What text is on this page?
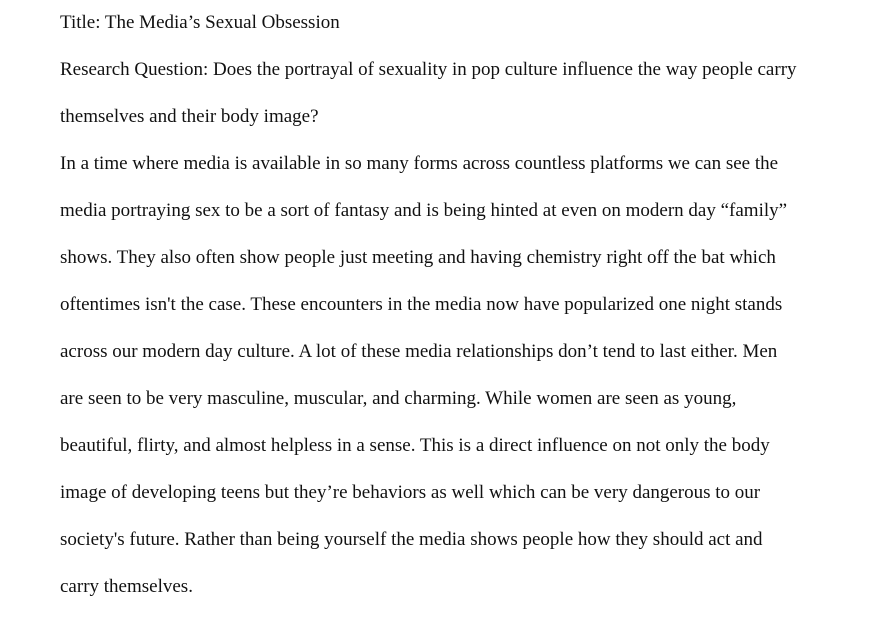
Title: The Media’s Sexual Obsession

Research Question: Does the portrayal of sexuality in pop culture influence the way people carry

themselves and their body image?

In a time where media is available in so many forms across countless platforms we can see the

media portraying sex to be a sort of fantasy and is being hinted at even on modern day “family”

shows. They also often show people just meeting and having chemistry right off the bat which

oftentimes isn't the case. These encounters in the media now have popularized one night stands

across our modern day culture. A lot of these media relationships don’t tend to last either. Men

are seen to be very masculine, muscular, and charming. While women are seen as young,

beautiful, flirty, and almost helpless in a sense. This is a direct influence on not only the body

image of developing teens but they’re behaviors as well which can be very dangerous to our

society's future. Rather than being yourself the media shows people how they should act and

carry themselves.
